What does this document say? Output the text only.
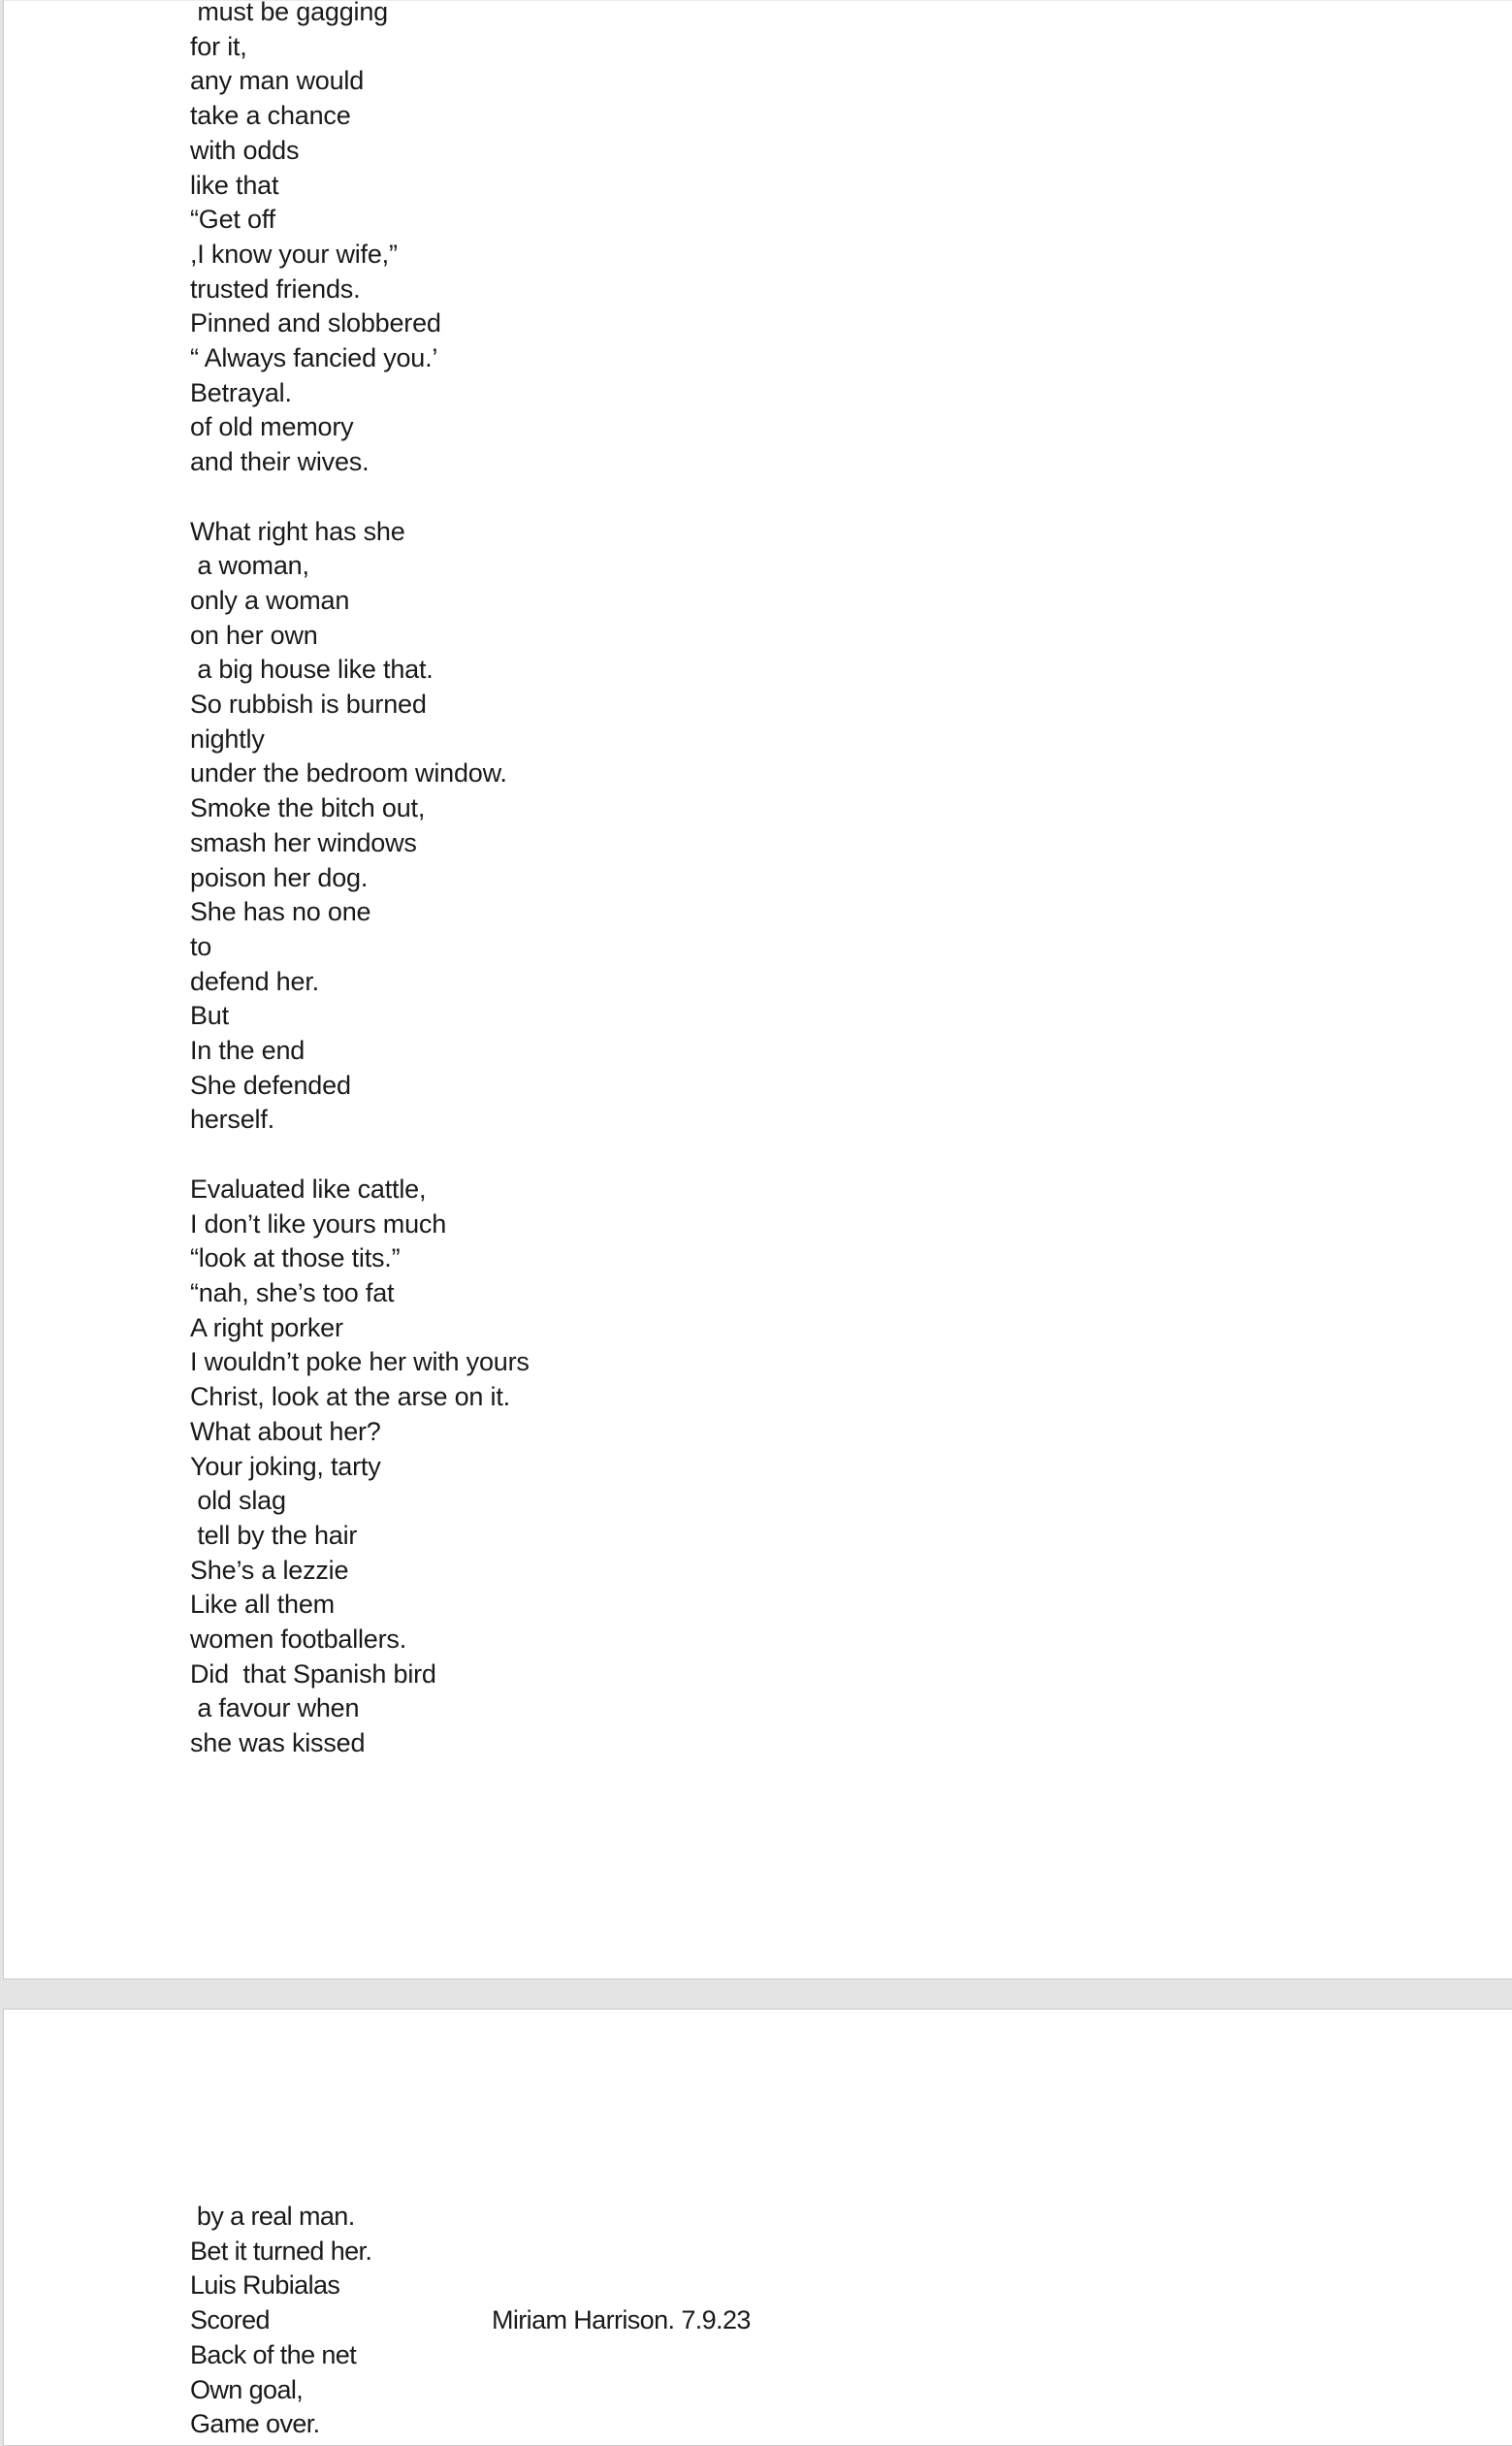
must be gagging
for it,
any man would
take a chance
with odds
like that
“Get off
,I know your wife,”
trusted friends.
Pinned and slobbered
“ Always fancied you.’
Betrayal.
of old memory
and their wives.
What right has she
a woman,
only a woman
on her own
a big house like that.
So rubbish is burned
nightly
under the bedroom window.
Smoke the bitch out,
smash her windows
poison her dog.
She has no one
to
defend her.
But
In the end
She defended
herself.
Evaluated like cattle,
I don’t like yours much
“look at those tits.”
“nah, she’s too fat
A right porker
I wouldn’t poke her with yours
Christ, look at the arse on it.
What about her?
Your joking, tarty
old slag
tell by the hair
She’s a lezzie
Like all them
women footballers.
Did  that Spanish bird
a favour when
she was kissed
by a real man.
Bet it turned her.
Luis Rubialas
Scored
Back of the net
Own goal,
Game over.
Miriam Harrison. 7.9.23
